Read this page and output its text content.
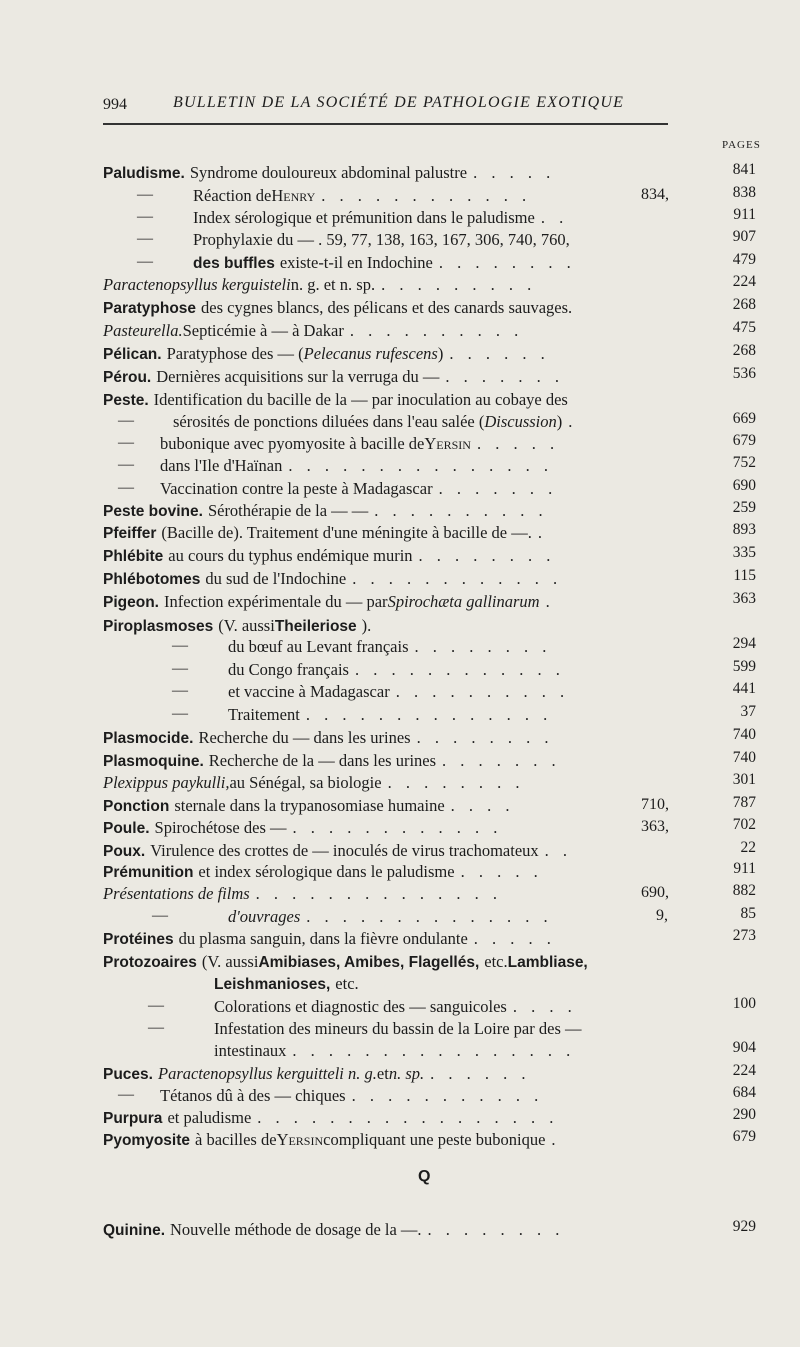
994	BULLETIN DE LA SOCIÉTÉ DE PATHOLOGIE EXOTIQUE
PAGES
Paludisme. Syndrome douloureux abdominal palustre . . . . .	841
— Réaction de Henry . . . . . . . . . . . .	834,	838
— Index sérologique et prémunition dans le paludisme . .	911
— Prophylaxie du — . 59, 77, 138, 163, 167, 306, 740, 760,	907
—	des buffles existe-t-il en Indochine . . . . . . . .	479
Paractenopsyllus kerguisteli n. g. et n. sp. . . . . . . . . .	224
Paratyphose des cygnes blancs, des pélicans et des canards sauvages.	268
Pasteurella. Septicémie à — à Dakar . . . . . . . . . .	475
Pélican. Paratyphose des — ( Pelecanus rufescens ) . . . . . .	268
Pérou. Dernières acquisitions sur la verruga du — . . . . . . .	536
Peste. Identification du bacille de la — par inoculation au cobaye des
— sérosités de ponctions diluées dans l'eau salée ( Discussion ) .	669
— bubonique avec pyomyosite à bacille de Yersin . . . . .	679
— dans l'Ile d'Haïnan . . . . . . . . . . . . . . .	752
— Vaccination contre la peste à Madagascar . . . . . . .	690
Peste bovine. Sérothérapie de la — — . . . . . . . . . .	259
Pfeiffer (Bacille de). Traitement d'une méningite à bacille de —. .	893
Phlébite au cours du typhus endémique murin . . . . . . . .	335
Phlébotomes du sud de l'Indochine . . . . . . . . . . . .	115
Pigeon. Infection expérimentale du — par Spirochæta gallinarum .	363
Piroplasmoses (V. aussi Theileriose ).
— du bœuf au Levant français . . . . . . . .	294
— du Congo français . . . . . . . . . . . .	599
— et vaccine à Madagascar . . . . . . . . . .	441
— Traitement . . . . . . . . . . . . . .	37
Plasmocide. Recherche du — dans les urines . . . . . . . .	740
Plasmoquine. Recherche de la — dans les urines . . . . . . .	740
Plexippus paykulli, au Sénégal, sa biologie . . . . . . . .	301
Ponction sternale dans la trypanosomiase humaine . . . .	710,	787
Poule. Spirochétose des — . . . . . . . . . . . .	363,	702
Poux. Virulence des crottes de — inoculés de virus trachomateux . .	22
Prémunition et index sérologique dans le paludisme . . . . .	911
Présentations de films . . . . . . . . . . . . . .	690,	882
—	d'ouvrages . . . . . . . . . . . . . .	9,	85
Protéines du plasma sanguin, dans la fièvre ondulante . . . . .	273
Protozoaires (V. aussi Amibiases, Amibes, Flagellés, etc. Lambliase,
Leishmanioses, etc.
—	Colorations et diagnostic des — sanguicoles . . . .	100
—	Infestation des mineurs du bassin de la Loire par des —
intestinaux . . . . . . . . . . . . . . . .	904
Puces. Paractenopsyllus kerguitteli n. g. et n. sp. . . . . . .	224
— Tétanos dû à des — chiques . . . . . . . . . . .	684
Purpura et paludisme . . . . . . . . . . . . . . . . .	290
Pyomyosite à bacilles de Yersin compliquant une peste bubonique .	679
Quinine. Nouvelle méthode de dosage de la —. . . . . . . . .	929
Q
